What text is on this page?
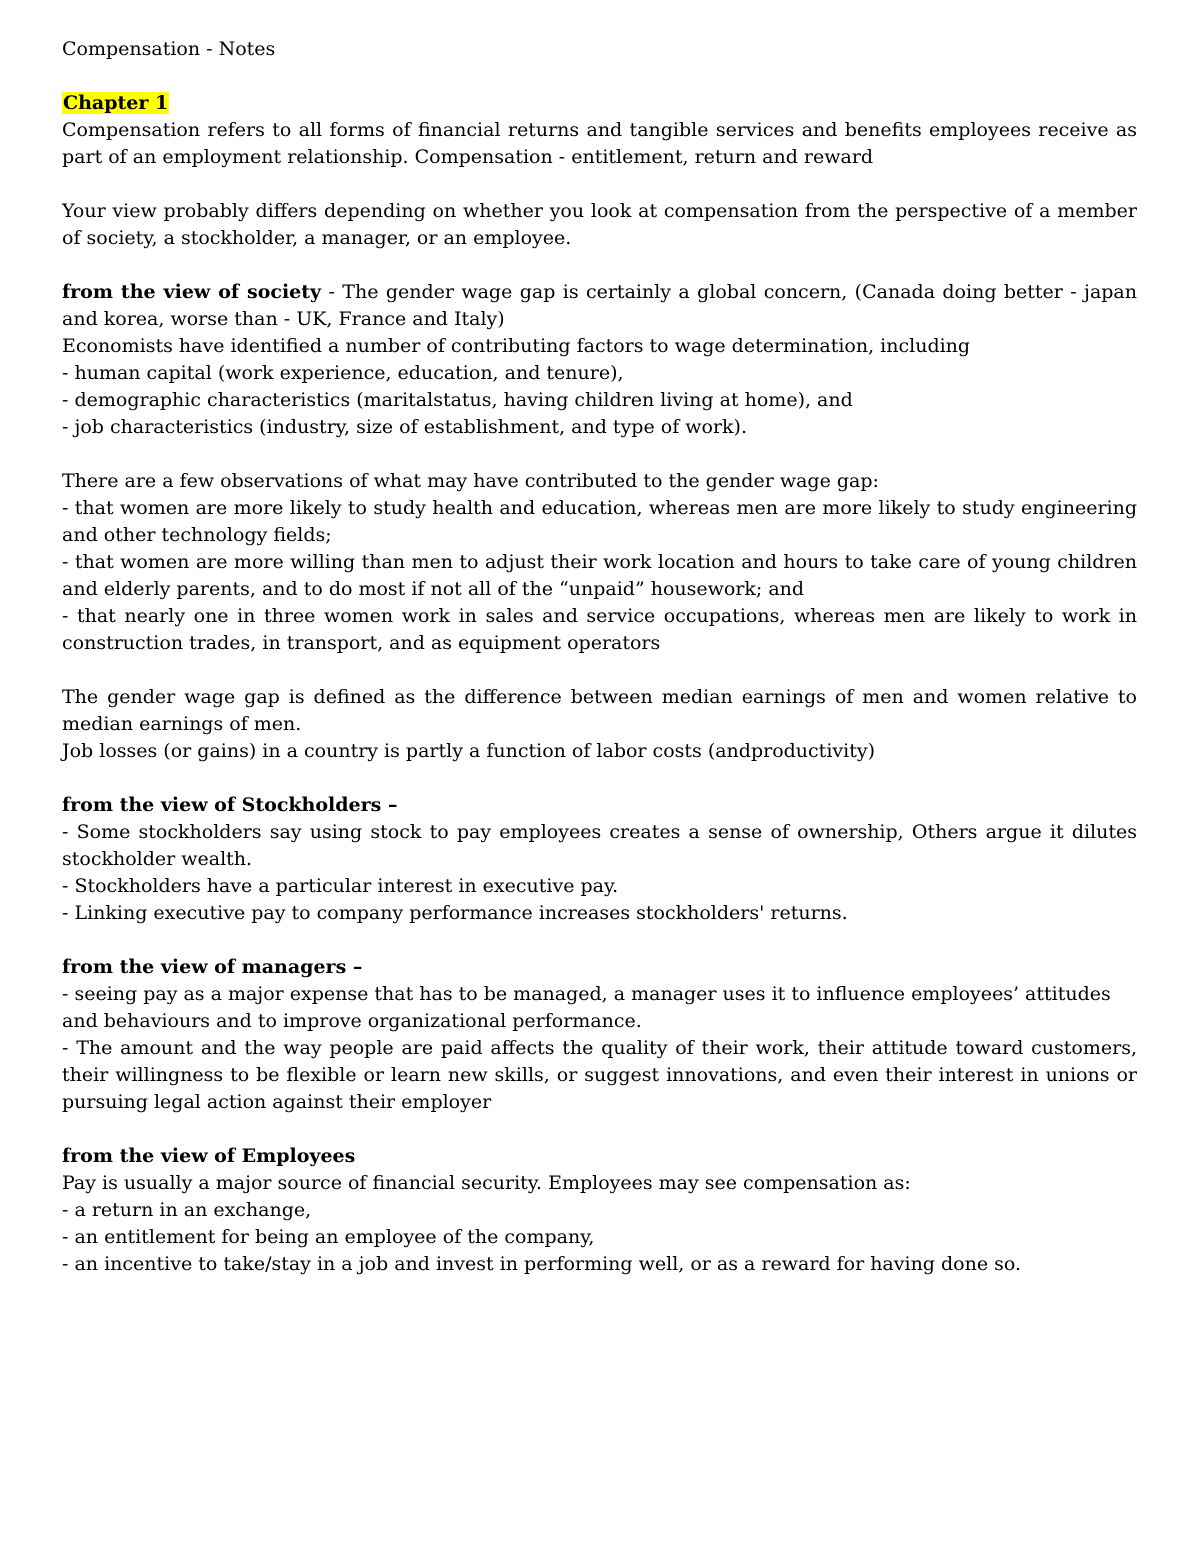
Compensation - Notes

Chapter 1

Compensation refers to all forms of financial returns and tangible services and benefits employees receive as part of an employment relationship. Compensation - entitlement, return and reward

Your view probably differs depending on whether you look at compensation from the perspective of a member of society, a stockholder, a manager, or an employee.

from the view of society - The gender wage gap is certainly a global concern, (Canada doing better - japan and korea, worse than - UK, France and Italy)

Economists have identified a number of contributing factors to wage determination, including

- human capital (work experience, education, and tenure),

- demographic characteristics (maritalstatus, having children living at home), and

- job characteristics (industry, size of establishment, and type of work).

There are a few observations of what may have contributed to the gender wage gap:

- that women are more likely to study health and education, whereas men are more likely to study engineering and other technology fields;

- that women are more willing than men to adjust their work location and hours to take care of young children and elderly parents, and to do most if not all of the “unpaid” housework; and

- that nearly one in three women work in sales and service occupations, whereas men are likely to work in construction trades, in transport, and as equipment operators

The gender wage gap is defined as the difference between median earnings of men and women relative to median earnings of men.

Job losses (or gains) in a country is partly a function of labor costs (andproductivity)

from the view of Stockholders –

- Some stockholders say using stock to pay employees creates a sense of ownership, Others argue it dilutes stockholder wealth.

- Stockholders have a particular interest in executive pay.

- Linking executive pay to company performance increases stockholders' returns.

from the view of managers –

- seeing pay as a major expense that has to be managed, a manager uses it to influence employees’ attitudes

and behaviours and to improve organizational performance.

- The amount and the way people are paid affects the quality of their work, their attitude toward customers, their willingness to be flexible or learn new skills, or suggest innovations, and even their interest in unions or pursuing legal action against their employer

from the view of Employees

Pay is usually a major source of financial security. Employees may see compensation as:

- a return in an exchange,

- an entitlement for being an employee of the company,

- an incentive to take/stay in a job and invest in performing well, or as a reward for having done so.
